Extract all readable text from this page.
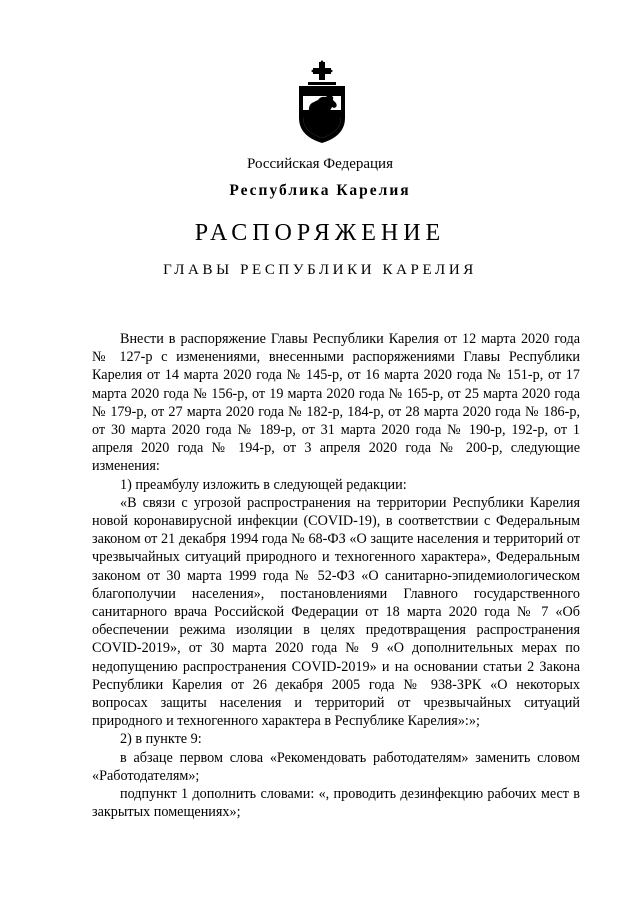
Российская Федерация
Республика Карелия
РАСПОРЯЖЕНИЕ
ГЛАВЫ РЕСПУБЛИКИ КАРЕЛИЯ

Внести в распоряжение Главы Республики Карелия от 12 марта 2020 года № 127-р с изменениями, внесенными распоряжениями Главы Республики Карелия от 14 марта 2020 года № 145-р, от 16 марта 2020 года № 151-р, от 17 марта 2020 года № 156-р, от 19 марта 2020 года № 165-р, от 25 марта 2020 года № 179-р, от 27 марта 2020 года № 182-р, 184-р, от 28 марта 2020 года № 186-р, от 30 марта 2020 года № 189-р, от 31 марта 2020 года № 190-р, 192-р, от 1 апреля 2020 года № 194-р, от 3 апреля 2020 года № 200-р, следующие изменения:

1) преамбулу изложить в следующей редакции:

«В связи с угрозой распространения на территории Республики Карелия новой коронавирусной инфекции (COVID-19), в соответствии с Федеральным законом от 21 декабря 1994 года № 68-ФЗ «О защите населения и территорий от чрезвычайных ситуаций природного и техногенного характера», Федеральным законом от 30 марта 1999 года № 52-ФЗ «О санитарно-эпидемиологическом благополучии населения», постановлениями Главного государственного санитарного врача Российской Федерации от 18 марта 2020 года № 7 «Об обеспечении режима изоляции в целях предотвращения распространения COVID-2019», от 30 марта 2020 года № 9 «О дополнительных мерах по недопущению распространения COVID-2019» и на основании статьи 2 Закона Республики Карелия от 26 декабря 2005 года № 938-ЗРК «О некоторых вопросах защиты населения и территорий от чрезвычайных ситуаций природного и техногенного характера в Республике Карелия»:»;

2) в пункте 9:

в абзаце первом слова «Рекомендовать работодателям» заменить словом «Работодателям»;

подпункт 1 дополнить словами: «, проводить дезинфекцию рабочих мест в закрытых помещениях»;
